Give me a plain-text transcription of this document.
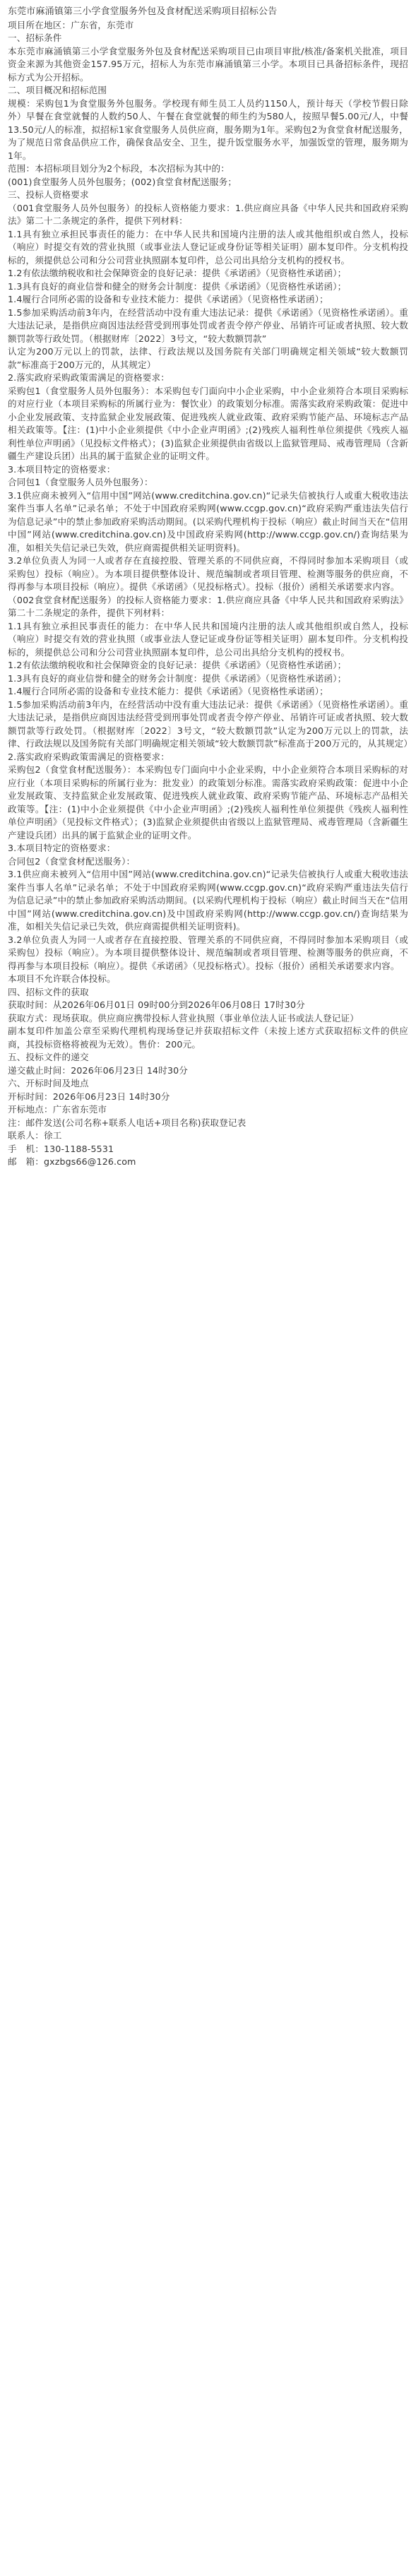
东莞市麻涌镇第三小学食堂服务外包及食材配送采购项目招标公告
项目所在地区：广东省，东莞市
一、招标条件
本东莞市麻涌镇第三小学食堂服务外包及食材配送采购项目已由项目审批/核准/备案机关批准，项目资金来源为其他资金157.95万元，招标人为东莞市麻涌镇第三小学。本项目已具备招标条件，现招标方式为公开招标。
二、项目概况和招标范围
规模：采购包1为食堂服务外包服务。学校现有师生员工人员约1150人，预计每天（学校节假日除外）早餐在食堂就餐的人数约50人、午餐在食堂就餐的师生约为580人，按照早餐5.00元/人，中餐13.50元/人的标准，拟招标1家食堂服务人员供应商，服务期为1年。采购包2为食堂食材配送服务，为了规范日常食品供应工作，确保食品安全、卫生，提升饭堂服务水平，加强饭堂的管理，服务期为1年。
范围：本招标项目划分为2个标段，本次招标为其中的：
(001)食堂服务人员外包服务；(002)食堂食材配送服务；
三、投标人资格要求
（001食堂服务人员外包服务）的投标人资格能力要求：1.供应商应具备《中华人民共和国政府采购法》第二十二条规定的条件，提供下列材料：
1.1具有独立承担民事责任的能力：在中华人民共和国境内注册的法人或其他组织或自然人，投标（响应）时提交有效的营业执照（或事业法人登记证或身份证等相关证明）副本复印件。分支机构投标的，须提供总公司和分公司营业执照副本复印件，总公司出具给分支机构的授权书。
1.2有依法缴纳税收和社会保障资金的良好记录：提供《承诺函》（见资格性承诺函）；
1.3具有良好的商业信誉和健全的财务会计制度：提供《承诺函》（见资格性承诺函）；
1.4履行合同所必需的设备和专业技术能力：提供《承诺函》（见资格性承诺函）；
1.5参加采购活动前3年内，在经营活动中没有重大违法记录：提供《承诺函》（见资格性承诺函）。重大违法记录，是指供应商因违法经营受到刑事处罚或者责令停产停业、吊销许可证或者执照、较大数额罚款等行政处罚。（根据财库〔2022〕3号文，“较大数额罚款”
认定为200万元以上的罚款，法律、行政法规以及国务院有关部门明确规定相关领域“较大数额罚款”标准高于200万元的，从其规定）
2.落实政府采购政策需满足的资格要求：
采购包1（食堂服务人员外包服务）：本采购包专门面向中小企业采购，中小企业须符合本项目采购标的对应行业（本项目采购标的所属行业为：餐饮业）的政策划分标准。需落实政府采购政策：促进中小企业发展政策、支持监狱企业发展政策、促进残疾人就业政策、政府采购节能产品、环境标志产品相关政策等。【注：(1)中小企业须提供《中小企业声明函》;(2)残疾人福利性单位须提供《残疾人福利性单位声明函》（见投标文件格式）；(3)监狱企业须提供由省级以上监狱管理局、戒毒管理局（含新疆生产建设兵团）出具的属于监狱企业的证明文件。
3.本项目特定的资格要求：
合同包1（食堂服务人员外包服务）：
3.1供应商未被列入“信用中国”网站(www.creditchina.gov.cn)“记录失信被执行人或重大税收违法案件当事人名单”记录名单；不处于中国政府采购网(www.ccgp.gov.cn)“政府采购严重违法失信行为信息记录”中的禁止参加政府采购活动期间。(以采购代理机构于投标（响应）截止时间当天在“信用中国”网站(www.creditchina.gov.cn)及中国政府采购网(http://www.ccgp.gov.cn/)查询结果为准，如相关失信记录已失效，供应商需提供相关证明资料)。
3.2单位负责人为同一人或者存在直接控股、管理关系的不同供应商，不得同时参加本采购项目（或采购包）投标（响应）。为本项目提供整体设计、规范编制或者项目管理、检测等服务的供应商，不得再参与本项目投标（响应）。提供《承诺函》（见投标格式）。投标（报价）函相关承诺要求内容。
（002食堂食材配送服务）的投标人资格能力要求：1.供应商应具备《中华人民共和国政府采购法》第二十二条规定的条件，提供下列材料：
1.1具有独立承担民事责任的能力：在中华人民共和国境内注册的法人或其他组织或自然人，投标（响应）时提交有效的营业执照（或事业法人登记证或身份证等相关证明）副本复印件。分支机构投标的，须提供总公司和分公司营业执照副本复印件，总公司出具给分支机构的授权书。
1.2有依法缴纳税收和社会保障资金的良好记录：提供《承诺函》（见资格性承诺函）；
1.3具有良好的商业信誉和健全的财务会计制度：提供《承诺函》（见资格性承诺函）；
1.4履行合同所必需的设备和专业技术能力：提供《承诺函》（见资格性承诺函）；
1.5参加采购活动前3年内，在经营活动中没有重大违法记录：提供《承诺函》（见资格性承诺函）。重大违法记录，是指供应商因违法经营受到刑事处罚或者责令停产停业、吊销许可证或者执照、较大数额罚款等行政处罚。（根据财库〔2022〕3号文，“较大数额罚款”认定为200万元以上的罚款，法律、行政法规以及国务院有关部门明确规定相关领域“较大数额罚款”标准高于200万元的，从其规定）
2.落实政府采购政策需满足的资格要求：
采购包2（食堂食材配送服务）：本采购包专门面向中小企业采购，中小企业须符合本项目采购标的对应行业（本项目采购标的所属行业为：批发业）的政策划分标准。需落实政府采购政策：促进中小企业发展政策、支持监狱企业发展政策、促进残疾人就业政策、政府采购节能产品、环境标志产品相关政策等。【注：(1)中小企业须提供《中小企业声明函》;(2)残疾人福利性单位须提供《残疾人福利性单位声明函》（见投标文件格式）；(3)监狱企业须提供由省级以上监狱管理局、戒毒管理局（含新疆生产建设兵团）出具的属于监狱企业的证明文件。
3.本项目特定的资格要求：
合同包2（食堂食材配送服务）：
3.1供应商未被列入“信用中国”网站(www.creditchina.gov.cn)“记录失信被执行人或重大税收违法案件当事人名单”记录名单；不处于中国政府采购网(www.ccgp.gov.cn)“政府采购严重违法失信行为信息记录”中的禁止参加政府采购活动期间。(以采购代理机构于投标（响应）截止时间当天在“信用中国”网站(www.creditchina.gov.cn)及中国政府采购网(http://www.ccgp.gov.cn/)查询结果为准，如相关失信记录已失效，供应商需提供相关证明资料)。
3.2单位负责人为同一人或者存在直接控股、管理关系的不同供应商，不得同时参加本采购项目（或采购包）投标（响应）。为本项目提供整体设计、规范编制或者项目管理、检测等服务的供应商，不得再参与本项目投标（响应）。提供《承诺函》（见投标格式）。投标（报价）函相关承诺要求内容。
本项目不允许联合体投标。
四、招标文件的获取
获取时间：从2026年06月01日 09时00分到2026年06月08日 17时30分
获取方式：现场获取。供应商应携带投标人营业执照（事业单位法人证书或法人登记证）
副本复印件加盖公章至采购代理机构现场登记并获取招标文件（未按上述方式获取招标文件的供应商，其投标资格将被视为无效）。售价：200元。
五、投标文件的递交
递交截止时间：2026年06月23日 14时30分
六、开标时间及地点
开标时间：2026年06月23日 14时30分
开标地点：广东省东莞市
注：邮件发送(公司名称+联系人电话+项目名称)获取登记表
联系人：徐工
手　机：130-1188-5531
邮　箱：gxzbgs66@126.com
